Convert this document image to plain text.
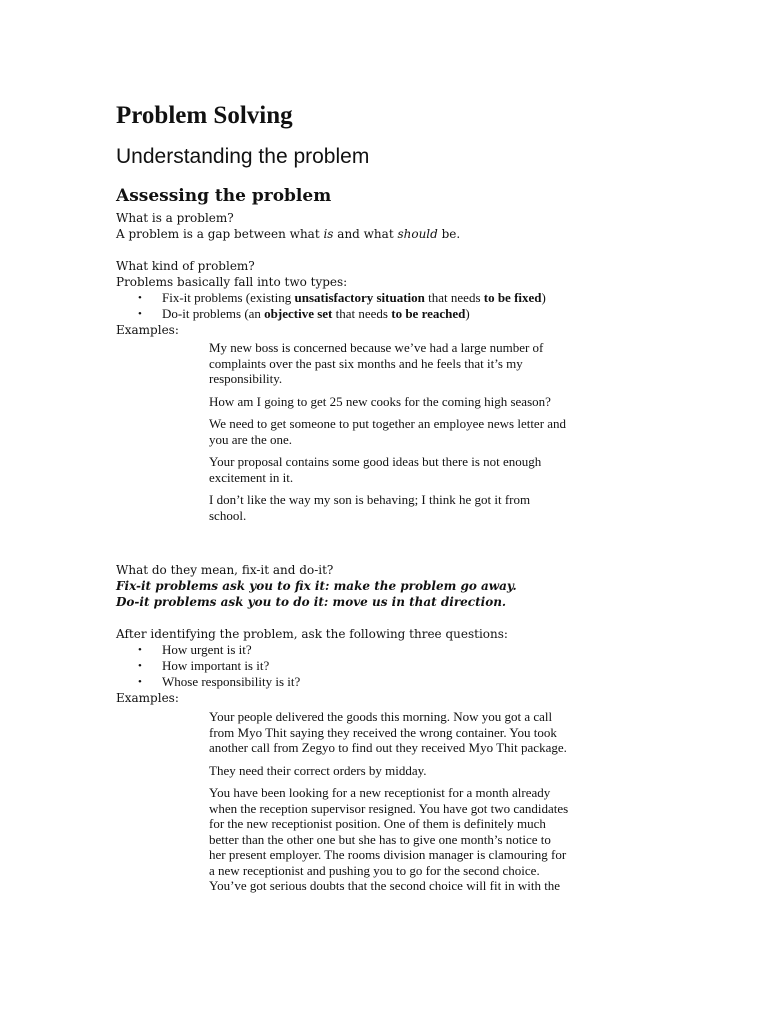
Problem Solving
Understanding the problem
Assessing the problem

What is a problem?

A problem is a gap between what is and what should be.

What kind of problem?

Problems basically fall into two types:

• Fix-it problems (existing unsatisfactory situation that needs to be fixed)
• Do-it problems (an objective set that needs to be reached)

Examples:

My new boss is concerned because we’ve had a large number of complaints over the past six months and he feels that it’s my responsibility.

How am I going to get 25 new cooks for the coming high season?

We need to get someone to put together an employee news letter and you are the one.

Your proposal contains some good ideas but there is not enough excitement in it.

I don’t like the way my son is behaving; I think he got it from school.

What do they mean, fix-it and do-it?

Fix-it problems ask you to fix it: make the problem go away.

Do-it problems ask you to do it: move us in that direction.

After identifying the problem, ask the following three questions:

• How urgent is it?
• How important is it?
• Whose responsibility is it?

Examples:

Your people delivered the goods this morning. Now you got a call from Myo Thit saying they received the wrong container. You took another call from Zegyo to find out they received Myo Thit package.

They need their correct orders by midday.

You have been looking for a new receptionist for a month already when the reception supervisor resigned. You have got two candidates for the new receptionist position. One of them is definitely much better than the other one but she has to give one month’s notice to her present employer. The rooms division manager is clamouring for a new receptionist and pushing you to go for the second choice. You’ve got serious doubts that the second choice will fit in with the
